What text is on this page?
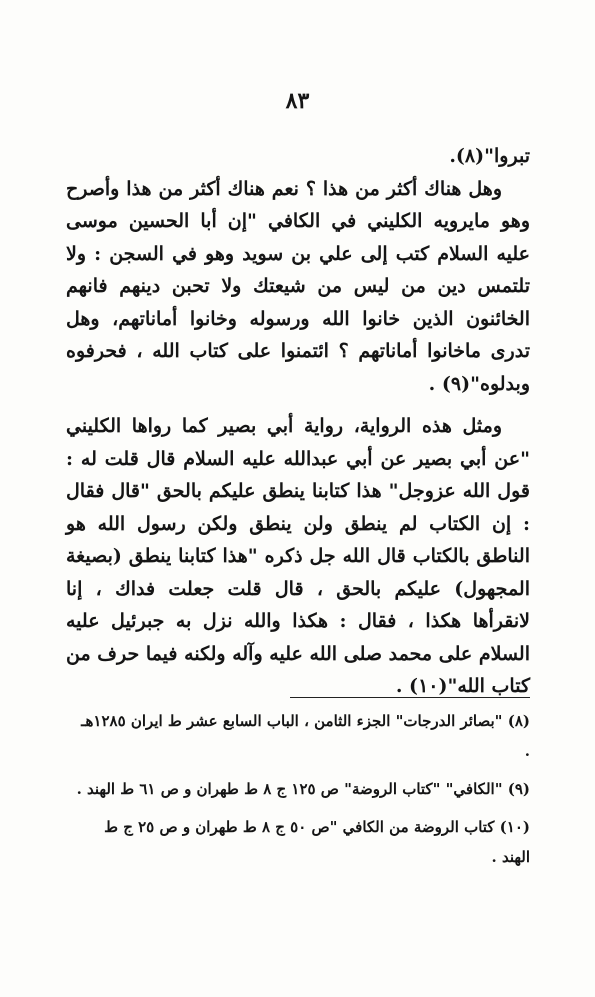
٨٣

تبروا"(٨).

وهل هناك أكثر من هذا ؟ نعم هناك أكثر من هذا وأصرح وهو مايرويه الكليني في الكافي "إن أبا الحسين موسى عليه السلام كتب إلى علي بن سويد وهو في السجن : ولا تلتمس دين من ليس من شيعتك ولا تحبن دينهم فانهم الخائنون الذين خانوا الله ورسوله وخانوا أماناتهم، وهل تدرى ماخانوا أماناتهم ؟ ائتمنوا على كتاب الله ، فحرفوه وبدلوه"(٩) .

ومثل هذه الرواية، رواية أبي بصير كما رواها الكليني "عن أبي بصير عن أبي عبدالله عليه السلام قال قلت له : قول الله عزوجل" هذا كتابنا ينطق عليكم بالحق "قال فقال : إن الكتاب لم ينطق ولن ينطق ولكن رسول الله هو الناطق بالكتاب قال الله جل ذكره "هذا كتابنا ينطق (بصيغة المجهول) عليكم بالحق ، قال قلت جعلت فداك ، إنا لانقرأها هكذا ، فقال : هكذا والله نزل به جبرئيل عليه السلام على محمد صلى الله عليه وآله ولكنه فيما حرف من كتاب الله"(١٠) .

(٨) "بصائر الدرجات" الجزء الثامن ، الباب السابع عشر ط ايران ١٢٨٥هـ .

(٩) "الكافي" "كتاب الروضة" ص ١٢٥ ج ٨ ط طهران و ص ٦١ ط الهند .

(١٠) كتاب الروضة من الكافي "ص ٥٠ ج ٨ ط طهران و ص ٢٥ ج ط الهند .
